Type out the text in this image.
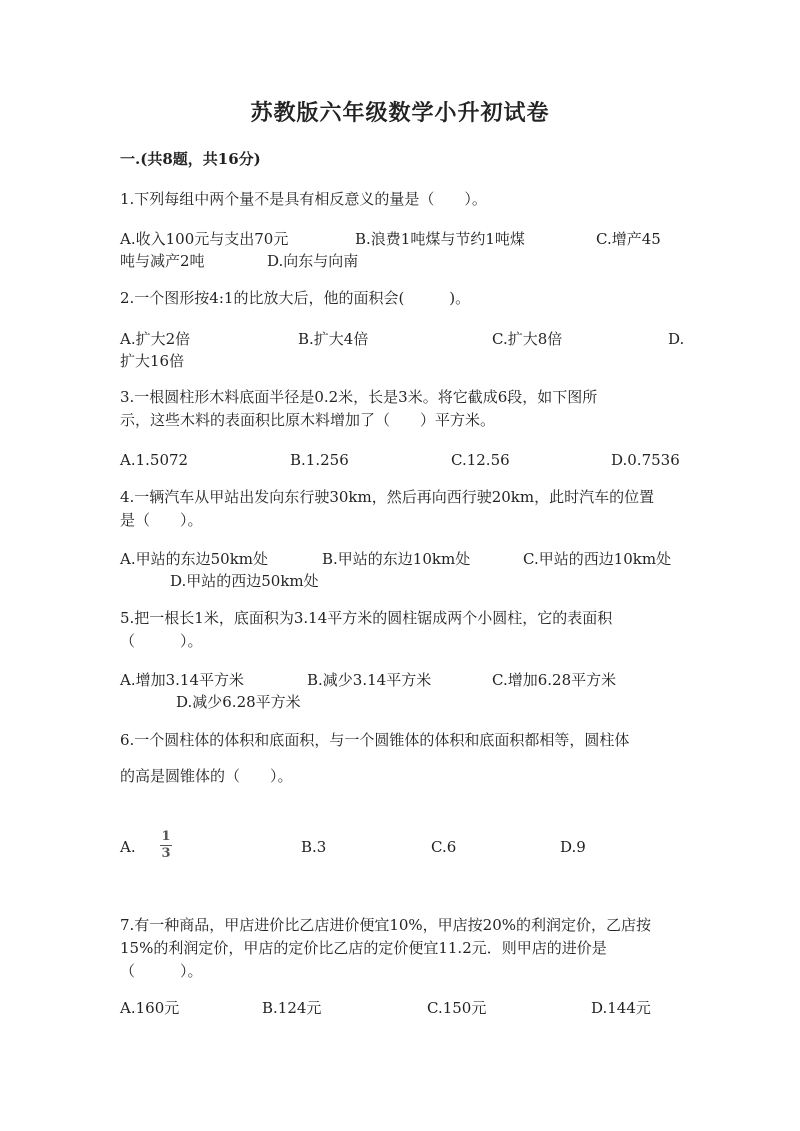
苏教版六年级数学小升初试卷
一.(共8题，共16分)
1.下列每组中两个量不是具有相反意义的量是（　　）。
A.收入100元与支出70元	B.浪费1吨煤与节约1吨煤	C.增产45
吨与减产2吨	D.向东与向南
2.一个图形按4:1的比放大后，他的面积会(　　　)。
A.扩大2倍	B.扩大4倍	C.扩大8倍	D.
扩大16倍
3.一根圆柱形木料底面半径是0.2米，长是3米。将它截成6段，如下图所
示，这些木料的表面积比原木料增加了（　　）平方米。
A.1.5072	B.1.256	C.12.56	D.0.7536
4.一辆汽车从甲站出发向东行驶30km，然后再向西行驶20km，此时汽车的位置
是（　　）。
A.甲站的东边50km处	B.甲站的东边10km处	C.甲站的西边10km处
D.甲站的西边50km处
5.把一根长1米，底面积为3.14平方米的圆柱锯成两个小圆柱，它的表面积
（　　　）。
A.增加3.14平方米	B.减少3.14平方米	C.增加6.28平方米
D.减少6.28平方米
6.一个圆柱体的体积和底面积，与一个圆锥体的体积和底面积都相等，圆柱体
的高是圆锥体的（　　）。
A.
1
3	B.3	C.6	D.9
7.有一种商品，甲店进价比乙店进价便宜10%，甲店按20%的利润定价，乙店按
15%的利润定价，甲店的定价比乙店的定价便宜11.2元．则甲店的进价是
（　　　）。
A.160元	B.124元	C.150元	D.144元
